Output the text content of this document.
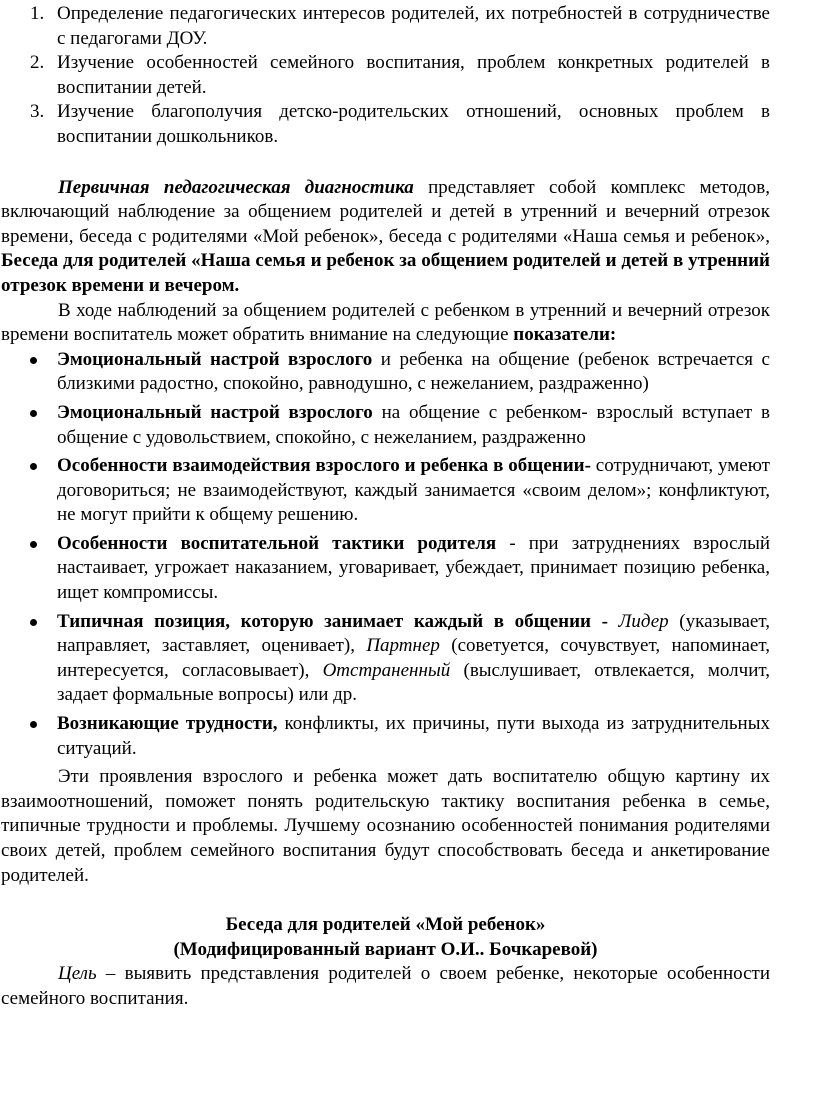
1. Определение педагогических интересов родителей, их потребностей в сотрудничестве с педагогами ДОУ.
2. Изучение особенностей семейного воспитания, проблем конкретных родителей в воспитании детей.
3. Изучение благополучия детско-родительских отношений, основных проблем в воспитании дошкольников.

Первичная педагогическая диагностика представляет собой комплекс методов, включающий наблюдение за общением родителей и детей в утренний и вечерний отрезок времени, беседа с родителями «Мой ребенок», беседа с родителями «Наша семья и ребенок», Беседа для родителей «Наша семья и ребенок за общением родителей и детей в утренний отрезок времени и вечером.

В ходе наблюдений за общением родителей с ребенком в утренний и вечерний отрезок времени воспитатель может обратить внимание на следующие показатели:

Эмоциональный настрой взрослого и ребенка на общение (ребенок встречается с близкими радостно, спокойно, равнодушно, с нежеланием, раздраженно)
Эмоциональный настрой взрослого на общение с ребенком- взрослый вступает в общение с удовольствием, спокойно, с нежеланием, раздраженно
Особенности взаимодействия взрослого и ребенка в общении- сотрудничают, умеют договориться; не взаимодействуют, каждый занимается «своим делом»; конфликтуют, не могут прийти к общему решению.
Особенности воспитательной тактики родителя - при затруднениях взрослый настаивает, угрожает наказанием, уговаривает, убеждает, принимает позицию ребенка, ищет компромиссы.
Типичная позиция, которую занимает каждый в общении - Лидер (указывает, направляет, заставляет, оценивает), Партнер (советуется, сочувствует, напоминает, интересуется, согласовывает), Отстраненный (выслушивает, отвлекается, молчит, задает формальные вопросы) или др.
Возникающие трудности, конфликты, их причины, пути выхода из затруднительных ситуаций.

Эти проявления взрослого и ребенка может дать воспитателю общую картину их взаимоотношений, поможет понять родительскую тактику воспитания ребенка в семье, типичные трудности и проблемы. Лучшему осознанию особенностей понимания родителями своих детей, проблем семейного воспитания будут способствовать беседа и анкетирование родителей.

Беседа для родителей «Мой ребенок»

(Модифицированный вариант О.И.. Бочкаревой)

Цель – выявить представления родителей о своем ребенке, некоторые особенности семейного воспитания.
